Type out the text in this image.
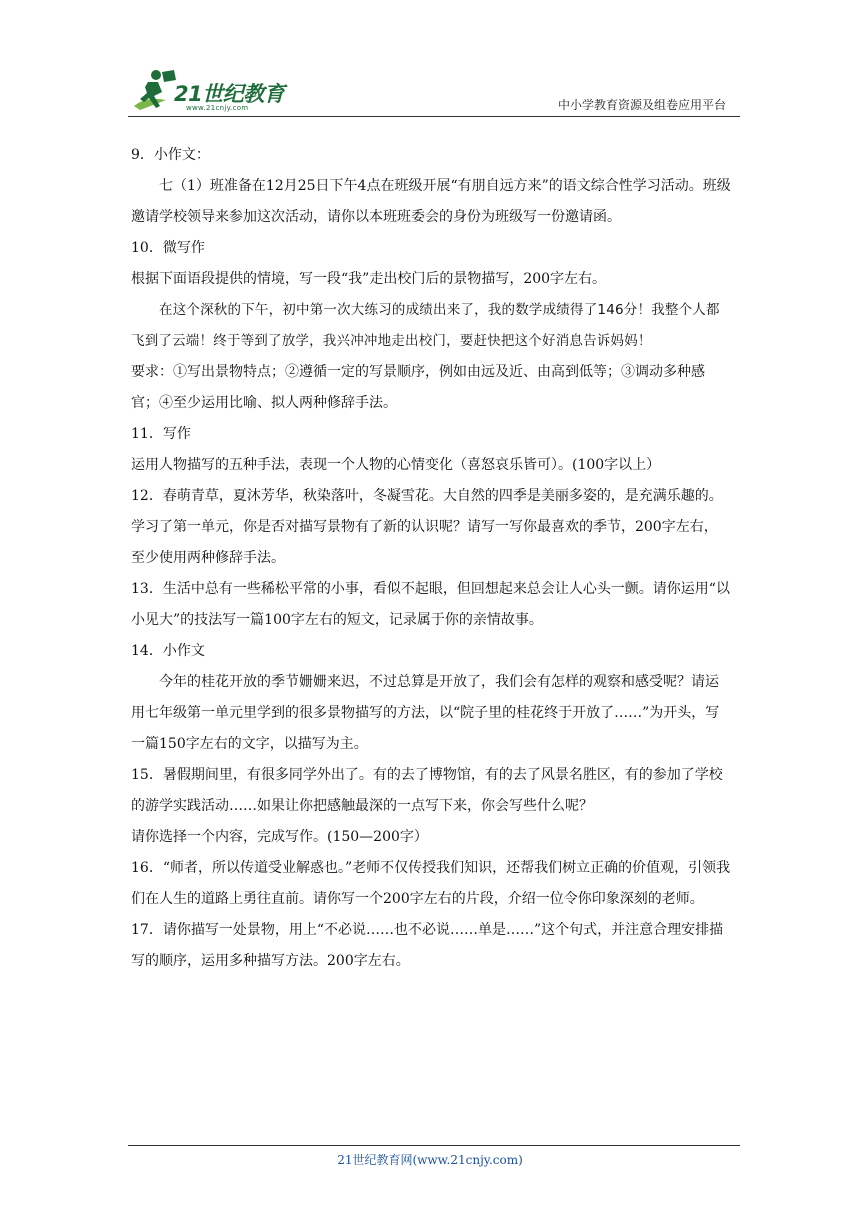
21世纪教育
www.21cnjy.com	中小学教育资源及组卷应用平台

9．小作文：

七（1）班准备在12月25日下午4点在班级开展“有朋自远方来”的语文综合性学习活动。班级邀请学校领导来参加这次活动，请你以本班班委会的身份为班级写一份邀请函。

10．微写作

根据下面语段提供的情境，写一段“我”走出校门后的景物描写，200字左右。

在这个深秋的下午，初中第一次大练习的成绩出来了，我的数学成绩得了146分！我整个人都飞到了云端！终于等到了放学，我兴冲冲地走出校门，要赶快把这个好消息告诉妈妈！

要求：①写出景物特点；②遵循一定的写景顺序，例如由远及近、由高到低等；③调动多种感官；④至少运用比喻、拟人两种修辞手法。

11．写作

运用人物描写的五种手法，表现一个人物的心情变化（喜怒哀乐皆可）。(100字以上）

12．春萌青草，夏沐芳华，秋染落叶，冬凝雪花。大自然的四季是美丽多姿的，是充满乐趣的。学习了第一单元，你是否对描写景物有了新的认识呢？请写一写你最喜欢的季节，200字左右，至少使用两种修辞手法。

13．生活中总有一些稀松平常的小事，看似不起眼，但回想起来总会让人心头一颤。请你运用“以小见大”的技法写一篇100字左右的短文，记录属于你的亲情故事。

14．小作文

今年的桂花开放的季节姗姗来迟，不过总算是开放了，我们会有怎样的观察和感受呢？请运用七年级第一单元里学到的很多景物描写的方法，以“院子里的桂花终于开放了……”为开头，写一篇150字左右的文字，以描写为主。

15．暑假期间里，有很多同学外出了。有的去了博物馆，有的去了风景名胜区，有的参加了学校的游学实践活动……如果让你把感触最深的一点写下来，你会写些什么呢？

请你选择一个内容，完成写作。(150—200字）

16．“师者，所以传道受业解惑也。”老师不仅传授我们知识，还帮我们树立正确的价值观，引领我们在人生的道路上勇往直前。请你写一个200字左右的片段，介绍一位令你印象深刻的老师。

17．请你描写一处景物，用上“不必说……也不必说……单是……”这个句式，并注意合理安排描写的顺序，运用多种描写方法。200字左右。

21世纪教育网(www.21cnjy.com)
